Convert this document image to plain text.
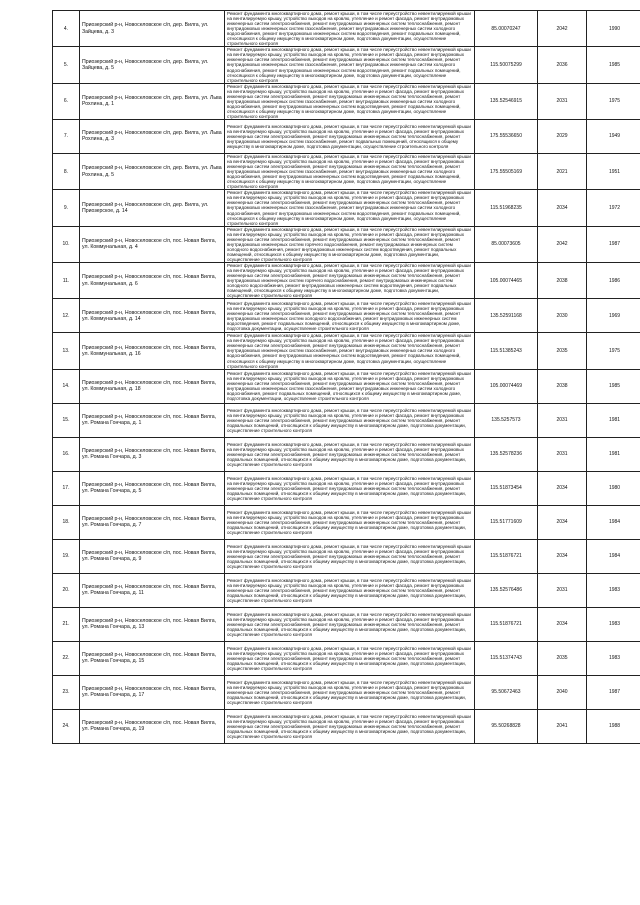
4.	Приозерский р-н, Новоселовское с/п, дер. Вилга, ул. Зайцева, д. 3	Ремонт фундамента многоквартирного дома, ремонт крыши, в том числе переустройство невентилируемой крыши на вентилируемую крышу, устройство выходов на кровлю, утепление и ремонт фасада, ремонт внутридомовых инженерных систем электроснабжения, ремонт внутридомовых инженерных систем теплоснабжения, ремонт внутридомовых инженерных систем газоснабжения, ремонт внутридомовых инженерных систем холодного водоснабжения, ремонт внутридомовых инженерных систем водоотведения, ремонт подвальных помещений, относящихся к общему имуществу в многоквартирном доме, подготовка документации, осуществление строительного контроля	85.00070247	2042	1990
5.	Приозерский р-н, Новоселовское с/п, дер. Вилга, ул. Зайцева, д. 5	Ремонт фундамента многоквартирного дома, ремонт крыши, в том числе переустройство невентилируемой крыши на вентилируемую крышу, устройство выходов на кровлю, утепление и ремонт фасада, ремонт внутридомовых инженерных систем электроснабжения, ремонт внутридомовых инженерных систем теплоснабжения, ремонт внутридомовых инженерных систем газоснабжения, ремонт внутридомовых инженерных систем холодного водоснабжения, ремонт внутридомовых инженерных систем водоотведения, ремонт подвальных помещений, относящихся к общему имуществу в многоквартирном доме, подготовка документации, осуществление строительного контроля	115.50075299	2036	1985
6.	Приозерский р-н, Новоселовское с/п, дер. Вилга, ул. Льва Рохлина, д. 1	Ремонт фундамента многоквартирного дома, ремонт крыши, в том числе переустройство невентилируемой крыши на вентилируемую крышу, устройство выходов на кровлю, утепление и ремонт фасада, ремонт внутридомовых инженерных систем электроснабжения, ремонт внутридомовых инженерных систем теплоснабжения, ремонт внутридомовых инженерных систем газоснабжения, ремонт внутридомовых инженерных систем холодного водоснабжения, ремонт внутридомовых инженерных систем водоотведения, ремонт подвальных помещений, относящихся к общему имуществу в многоквартирном доме, подготовка документации, осуществление строительного контроля	135.52546915	2031	1975
7.	Приозерский р-н, Новоселовское с/п, дер. Вилга, ул. Льва Рохлина, д. 3	Ремонт фундамента многоквартирного дома, ремонт крыши, в том числе переустройство невентилируемой крыши на вентилируемую крышу, устройство выходов на кровлю, утепление и ремонт фасада, ремонт внутридомовых инженерных систем электроснабжения, ремонт внутридомовых инженерных систем теплоснабжения, ремонт внутридомовых инженерных систем газоснабжения, ремонт подвальных помещений, относящихся к общему имуществу в многоквартирном доме, подготовка документации, осуществление строительного контроля	175.55536650	2029	1949
8.	Приозерский р-н, Новоселовское с/п, дер. Вилга, ул. Льва Рохлина, д. 5	Ремонт фундамента многоквартирного дома, ремонт крыши, в том числе переустройство невентилируемой крыши на вентилируемую крышу, устройство выходов на кровлю, утепление и ремонт фасада, ремонт внутридомовых инженерных систем электроснабжения, ремонт внутридомовых инженерных систем теплоснабжения, ремонт внутридомовых инженерных систем газоснабжения, ремонт внутридомовых инженерных систем холодного водоснабжения, ремонт внутридомовых инженерных систем водоотведения, ремонт подвальных помещений, относящихся к общему имуществу в многоквартирном доме, подготовка документации, осуществление строительного контроля	175.55505169	2021	1951
9.	Приозерский р-н, Новоселовское с/п, дер. Вилга, ул. Приозерское, д. 14	Ремонт фундамента многоквартирного дома, ремонт крыши, в том числе переустройство невентилируемой крыши на вентилируемую крышу, устройство выходов на кровлю, утепление и ремонт фасада, ремонт внутридомовых инженерных систем электроснабжения, ремонт внутридомовых инженерных систем теплоснабжения, ремонт внутридомовых инженерных систем газоснабжения, ремонт внутридомовых инженерных систем холодного водоснабжения, ремонт внутридомовых инженерных систем водоотведения, ремонт подвальных помещений, относящихся к общему имуществу в многоквартирном доме, подготовка документации, осуществление строительного контроля	115.51968235	2034	1972
10.	Приозерский р-н, Новоселовское с/п, пос. Новая Вилга, ул. Коммунальная, д. 4	Ремонт фундамента многоквартирного дома, ремонт крыши, в том числе переустройство невентилируемой крыши на вентилируемую крышу, устройство выходов на кровлю, утепление и ремонт фасада, ремонт внутридомовых инженерных систем электроснабжения, ремонт внутридомовых инженерных систем теплоснабжения, ремонт внутридомовых инженерных систем горячего водоснабжения, ремонт внутридомовых инженерных систем холодного водоснабжения, ремонт внутридомовых инженерных систем водоотведения, ремонт подвальных помещений, относящихся к общему имуществу в многоквартирном доме, подготовка документации, осуществление строительного контроля	85.00073605	2042	1987
11.	Приозерский р-н, Новоселовское с/п, пос. Новая Вилга, ул. Коммунальная, д. 6	Ремонт фундамента многоквартирного дома, ремонт крыши, в том числе переустройство невентилируемой крыши на вентилируемую крышу, устройство выходов на кровлю, утепление и ремонт фасада, ремонт внутридомовых инженерных систем электроснабжения, ремонт внутридомовых инженерных систем теплоснабжения, ремонт внутридомовых инженерных систем горячего водоснабжения, ремонт внутридомовых инженерных систем холодного водоснабжения, ремонт внутридомовых инженерных систем водоотведения, ремонт подвальных помещений, относящихся к общему имуществу в многоквартирном доме, подготовка документации, осуществление строительного контроля	105.00074465	2038	1986
12.	Приозерский р-н, Новоселовское с/п, пос. Новая Вилга, ул. Коммунальная, д. 14	Ремонт фундамента многоквартирного дома, ремонт крыши, в том числе переустройство невентилируемой крыши на вентилируемую крышу, устройство выходов на кровлю, утепление и ремонт фасада, ремонт внутридомовых инженерных систем электроснабжения, ремонт внутридомовых инженерных систем теплоснабжения, ремонт внутридомовых инженерных систем холодного водоснабжения, ремонт внутридомовых инженерных систем водоотведения, ремонт подвальных помещений, относящихся к общему имуществу в многоквартирном доме, подготовка документации, осуществление строительного контроля	135.52591168	2030	1969
13.	Приозерский р-н, Новоселовское с/п, пос. Новая Вилга, ул. Коммунальная, д. 16	Ремонт фундамента многоквартирного дома, ремонт крыши, в том числе переустройство невентилируемой крыши на вентилируемую крышу, устройство выходов на кровлю, утепление и ремонт фасада, ремонт внутридомовых инженерных систем электроснабжения, ремонт внутридомовых инженерных систем теплоснабжения, ремонт внутридомовых инженерных систем газоснабжения, ремонт внутридомовых инженерных систем холодного водоснабжения, ремонт внутридомовых инженерных систем водоотведения, ремонт подвальных помещений, относящихся к общему имуществу в многоквартирном доме, подготовка документации, осуществление строительного контроля	115.51385243	2035	1975
14.	Приозерский р-н, Новоселовское с/п, пос. Новая Вилга, ул. Коммунальная, д. 18	Ремонт фундамента многоквартирного дома, ремонт крыши, в том числе переустройство невентилируемой крыши на вентилируемую крышу, устройство выходов на кровлю, утепление и ремонт фасада, ремонт внутридомовых инженерных систем электроснабжения, ремонт внутридомовых инженерных систем теплоснабжения, ремонт внутридомовых инженерных систем газоснабжения, ремонт внутридомовых инженерных систем холодного водоснабжения, ремонт подвальных помещений, относящихся к общему имуществу в многоквартирном доме, подготовка документации, осуществление строительного контроля	105.00074469	2038	1985
15.	Приозерский р-н, Новоселовское с/п, пос. Новая Вилга, ул. Романа Гончара, д. 1	Ремонт фундамента многоквартирного дома, ремонт крыши, в том числе переустройство невентилируемой крыши на вентилируемую крышу, устройство выходов на кровлю, утепление и ремонт фасада, ремонт внутридомовых инженерных систем электроснабжения, ремонт внутридомовых инженерных систем теплоснабжения, ремонт подвальных помещений, относящихся к общему имуществу в многоквартирном доме, подготовка документации, осуществление строительного контроля	135.5257573	2031	1981
16.	Приозерский р-н, Новоселовское с/п, пос. Новая Вилга, ул. Романа Гончара, д. 3	Ремонт фундамента многоквартирного дома, ремонт крыши, в том числе переустройство невентилируемой крыши на вентилируемую крышу, устройство выходов на кровлю, утепление и ремонт фасада, ремонт внутридомовых инженерных систем электроснабжения, ремонт внутридомовых инженерных систем теплоснабжения, ремонт подвальных помещений, относящихся к общему имуществу в многоквартирном доме, подготовка документации, осуществление строительного контроля	135.52578236	2031	1981
17.	Приозерский р-н, Новоселовское с/п, пос. Новая Вилга, ул. Романа Гончара, д. 5	Ремонт фундамента многоквартирного дома, ремонт крыши, в том числе переустройство невентилируемой крыши на вентилируемую крышу, устройство выходов на кровлю, утепление и ремонт фасада, ремонт внутридомовых инженерных систем электроснабжения, ремонт внутридомовых инженерных систем теплоснабжения, ремонт подвальных помещений, относящихся к общему имуществу в многоквартирном доме, подготовка документации, осуществление строительного контроля	115.51873454	2034	1980
18.	Приозерский р-н, Новоселовское с/п, пос. Новая Вилга, ул. Романа Гончара, д. 7	Ремонт фундамента многоквартирного дома, ремонт крыши, в том числе переустройство невентилируемой крыши на вентилируемую крышу, устройство выходов на кровлю, утепление и ремонт фасада, ремонт внутридомовых инженерных систем электроснабжения, ремонт внутридомовых инженерных систем теплоснабжения, ремонт подвальных помещений, относящихся к общему имуществу в многоквартирном доме, подготовка документации, осуществление строительного контроля	115.51771609	2034	1984
19.	Приозерский р-н, Новоселовское с/п, пос. Новая Вилга, ул. Романа Гончара, д. 9	Ремонт фундамента многоквартирного дома, ремонт крыши, в том числе переустройство невентилируемой крыши на вентилируемую крышу, устройство выходов на кровлю, утепление и ремонт фасада, ремонт внутридомовых инженерных систем электроснабжения, ремонт внутридомовых инженерных систем теплоснабжения, ремонт подвальных помещений, относящихся к общему имуществу в многоквартирном доме, подготовка документации, осуществление строительного контроля	115.51876721	2034	1984
20.	Приозерский р-н, Новоселовское с/п, пос. Новая Вилга, ул. Романа Гончара, д. 11	Ремонт фундамента многоквартирного дома, ремонт крыши, в том числе переустройство невентилируемой крыши на вентилируемую крышу, устройство выходов на кровлю, утепление и ремонт фасада, ремонт внутридомовых инженерных систем электроснабжения, ремонт внутридомовых инженерных систем теплоснабжения, ремонт подвальных помещений, относящихся к общему имуществу в многоквартирном доме, подготовка документации, осуществление строительного контроля	135.52576486	2031	1983
21.	Приозерский р-н, Новоселовское с/п, пос. Новая Вилга, ул. Романа Гончара, д. 13	Ремонт фундамента многоквартирного дома, ремонт крыши, в том числе переустройство невентилируемой крыши на вентилируемую крышу, устройство выходов на кровлю, утепление и ремонт фасада, ремонт внутридомовых инженерных систем электроснабжения, ремонт внутридомовых инженерных систем теплоснабжения, ремонт подвальных помещений, относящихся к общему имуществу в многоквартирном доме, подготовка документации, осуществление строительного контроля	115.51876721	2034	1983
22.	Приозерский р-н, Новоселовское с/п, пос. Новая Вилга, ул. Романа Гончара, д. 15	Ремонт фундамента многоквартирного дома, ремонт крыши, в том числе переустройство невентилируемой крыши на вентилируемую крышу, устройство выходов на кровлю, утепление и ремонт фасада, ремонт внутридомовых инженерных систем электроснабжения, ремонт внутридомовых инженерных систем теплоснабжения, ремонт подвальных помещений, относящихся к общему имуществу в многоквартирном доме, подготовка документации, осуществление строительного контроля	115.51374743	2035	1983
23.	Приозерский р-н, Новоселовское с/п, пос. Новая Вилга, ул. Романа Гончара, д. 17	Ремонт фундамента многоквартирного дома, ремонт крыши, в том числе переустройство невентилируемой крыши на вентилируемую крышу, устройство выходов на кровлю, утепление и ремонт фасада, ремонт внутридомовых инженерных систем электроснабжения, ремонт внутридомовых инженерных систем теплоснабжения, ремонт подвальных помещений, относящихся к общему имуществу в многоквартирном доме, подготовка документации, осуществление строительного контроля	95.50672463	2040	1987
24.	Приозерский р-н, Новоселовское с/п, пос. Новая Вилга, ул. Романа Гончара, д. 19	Ремонт фундамента многоквартирного дома, ремонт крыши, в том числе переустройство невентилируемой крыши на вентилируемую крышу, устройство выходов на кровлю, утепление и ремонт фасада, ремонт внутридомовых инженерных систем электроснабжения, ремонт внутридомовых инженерных систем теплоснабжения, ремонт подвальных помещений, относящихся к общему имуществу в многоквартирном доме, подготовка документации, осуществление строительного контроля	95.50268828	2041	1988
